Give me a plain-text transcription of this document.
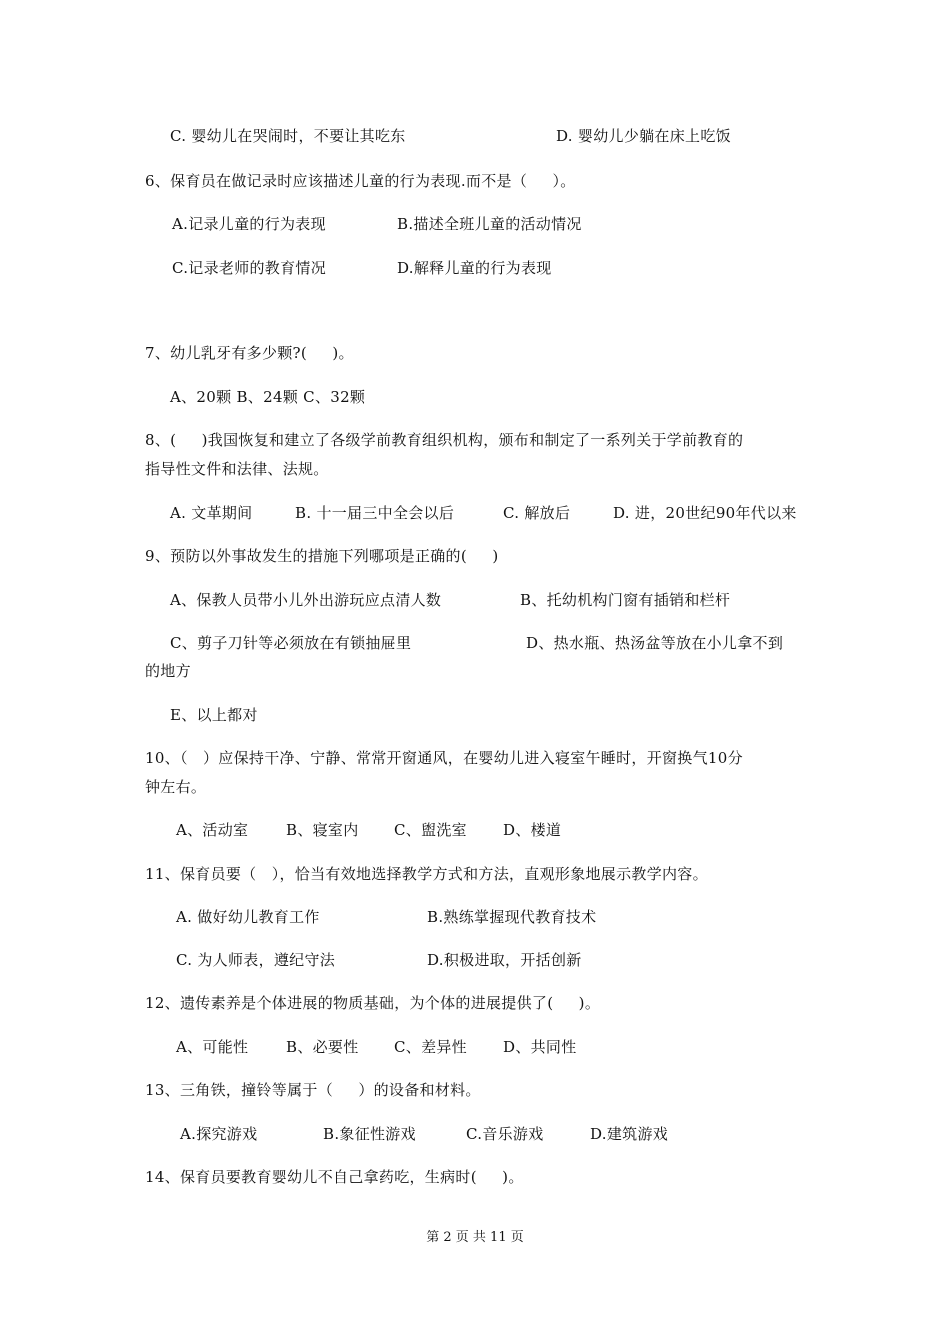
C. 婴幼儿在哭闹时，不要让其吃东	D. 婴幼儿少躺在床上吃饭
6、保育员在做记录时应该描述儿童的行为表现.而不是（     ）。
A.记录儿童的行为表现	B.描述全班儿童的活动情况
C.记录老师的教育情况	D.解释儿童的行为表现
7、幼儿乳牙有多少颗?(     )。
A、20颗 B、24颗 C、32颗
8、(     )我国恢复和建立了各级学前教育组织机构，颁布和制定了一系列关于学前教育的
指导性文件和法律、法规。
A. 文革期间	B. 十一届三中全会以后	C. 解放后	D. 进，20世纪90年代以来
9、预防以外事故发生的措施下列哪项是正确的(     )
A、保教人员带小儿外出游玩应点清人数	B、托幼机构门窗有插销和栏杆
C、剪子刀针等必须放在有锁抽屉里	D、热水瓶、热汤盆等放在小儿拿不到
的地方
E、以上都对
10、（   ）应保持干净、宁静、常常开窗通风，在婴幼儿进入寝室午睡时，开窗换气10分
钟左右。
A、活动室	B、寝室内 C、盥洗室 D、楼道
11、保育员要（   ），恰当有效地选择教学方式和方法，直观形象地展示教学内容。
A. 做好幼儿教育工作	B.熟练掌握现代教育技术
C. 为人师表，遵纪守法	D.积极进取，开括创新
12、遗传素养是个体进展的物质基础，为个体的进展提供了(     )。
A、可能性	B、必要性 C、差异性 D、共同性
13、三角铁，撞铃等属于（     ）的设备和材料。
A.探究游戏	B.象征性游戏	C.音乐游戏	D.建筑游戏
14、保育员要教育婴幼儿不自己拿药吃，生病时(     )。
第 2 页 共 11 页
